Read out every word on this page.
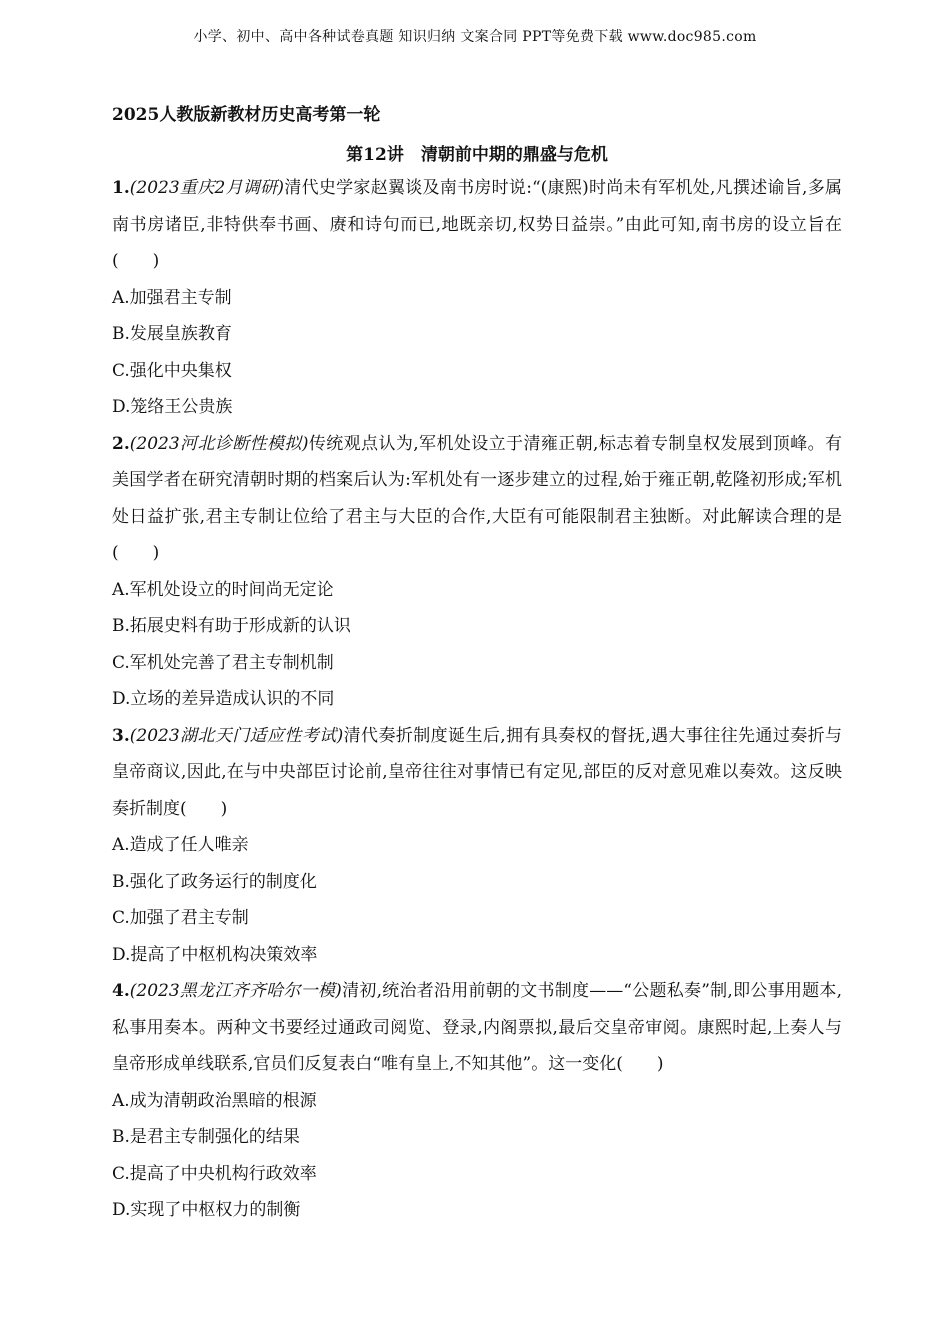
小学、初中、高中各种试卷真题 知识归纳 文案合同 PPT等免费下载 www.doc985.com

2025人教版新教材历史高考第一轮

第12讲　清朝前中期的鼎盛与危机

1.(2023重庆2月调研)清代史学家赵翼谈及南书房时说:“(康熙)时尚未有军机处,凡撰述谕旨,多属南书房诸臣,非特供奉书画、赓和诗句而已,地既亲切,权势日益崇。”由此可知,南书房的设立旨在(　　)

A.加强君主专制

B.发展皇族教育

C.强化中央集权

D.笼络王公贵族

2.(2023河北诊断性模拟)传统观点认为,军机处设立于清雍正朝,标志着专制皇权发展到顶峰。有美国学者在研究清朝时期的档案后认为:军机处有一逐步建立的过程,始于雍正朝,乾隆初形成;军机处日益扩张,君主专制让位给了君主与大臣的合作,大臣有可能限制君主独断。对此解读合理的是(　　)

A.军机处设立的时间尚无定论

B.拓展史料有助于形成新的认识

C.军机处完善了君主专制机制

D.立场的差异造成认识的不同

3.(2023湖北天门适应性考试)清代奏折制度诞生后,拥有具奏权的督抚,遇大事往往先通过奏折与皇帝商议,因此,在与中央部臣讨论前,皇帝往往对事情已有定见,部臣的反对意见难以奏效。这反映奏折制度(　　)

A.造成了任人唯亲

B.强化了政务运行的制度化

C.加强了君主专制

D.提高了中枢机构决策效率

4.(2023黑龙江齐齐哈尔一模)清初,统治者沿用前朝的文书制度——“公题私奏”制,即公事用题本,私事用奏本。两种文书要经过通政司阅览、登录,内阁票拟,最后交皇帝审阅。康熙时起,上奏人与皇帝形成单线联系,官员们反复表白“唯有皇上,不知其他”。这一变化(　　)

A.成为清朝政治黑暗的根源

B.是君主专制强化的结果

C.提高了中央机构行政效率

D.实现了中枢权力的制衡
